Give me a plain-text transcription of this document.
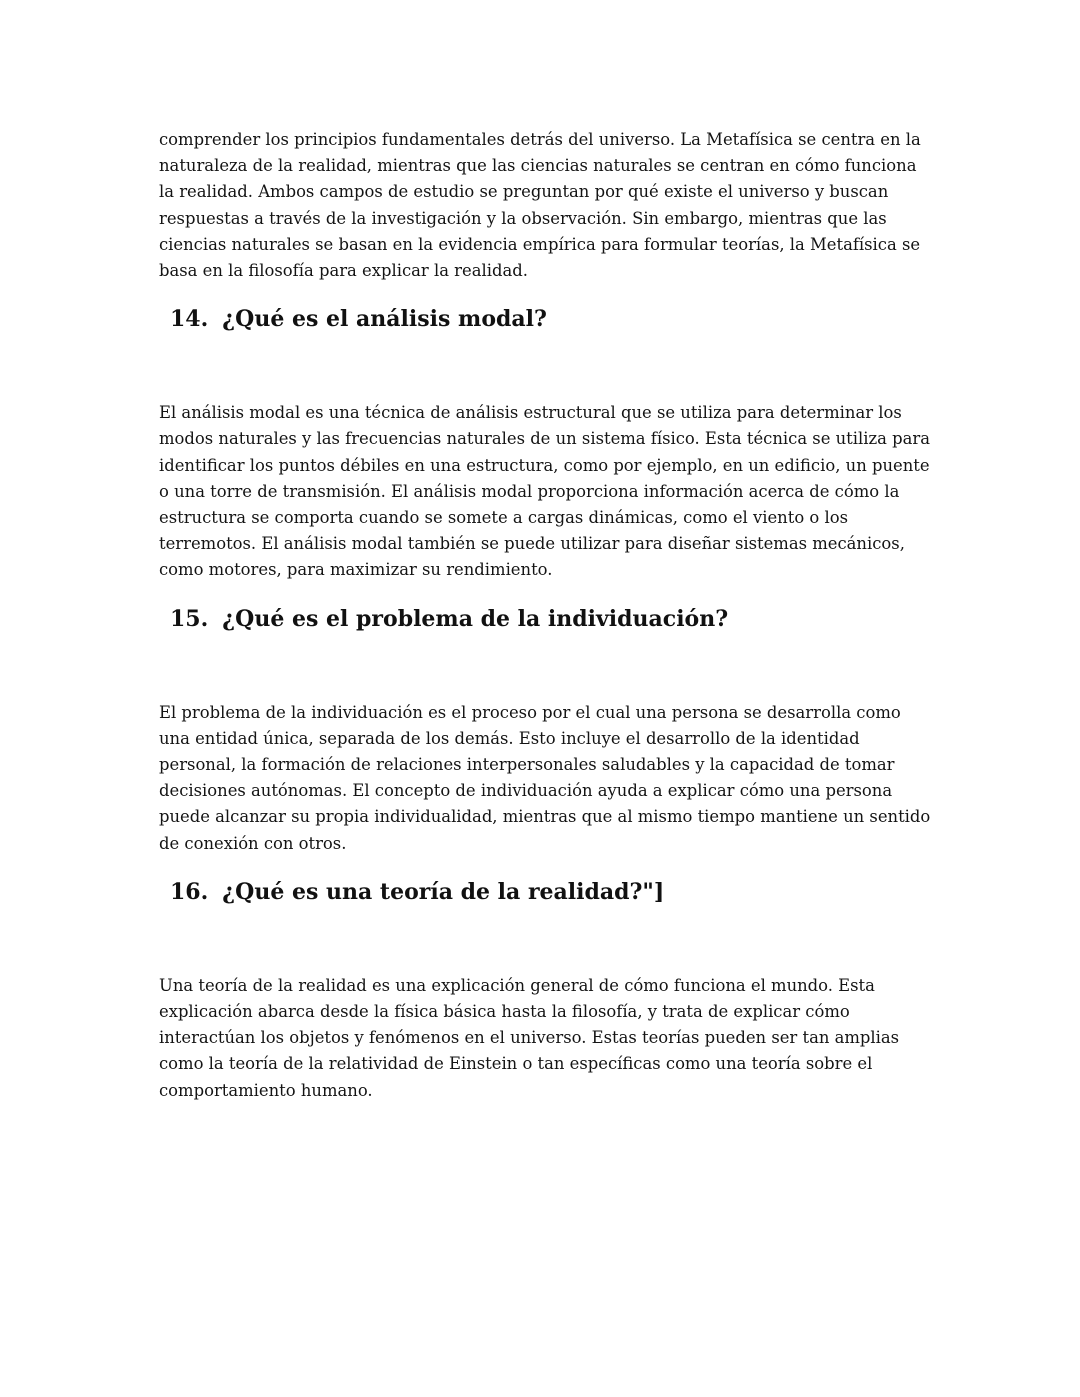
comprender los principios fundamentales detrás del universo. La Metafísica se centra en la naturaleza de la realidad, mientras que las ciencias naturales se centran en cómo funciona la realidad. Ambos campos de estudio se preguntan por qué existe el universo y buscan respuestas a través de la investigación y la observación. Sin embargo, mientras que las ciencias naturales se basan en la evidencia empírica para formular teorías, la Metafísica se basa en la filosofía para explicar la realidad.

14. ¿Qué es el análisis modal?

El análisis modal es una técnica de análisis estructural que se utiliza para determinar los modos naturales y las frecuencias naturales de un sistema físico. Esta técnica se utiliza para identificar los puntos débiles en una estructura, como por ejemplo, en un edificio, un puente o una torre de transmisión. El análisis modal proporciona información acerca de cómo la estructura se comporta cuando se somete a cargas dinámicas, como el viento o los terremotos. El análisis modal también se puede utilizar para diseñar sistemas mecánicos, como motores, para maximizar su rendimiento.

15. ¿Qué es el problema de la individuación?

El problema de la individuación es el proceso por el cual una persona se desarrolla como una entidad única, separada de los demás. Esto incluye el desarrollo de la identidad personal, la formación de relaciones interpersonales saludables y la capacidad de tomar decisiones autónomas. El concepto de individuación ayuda a explicar cómo una persona puede alcanzar su propia individualidad, mientras que al mismo tiempo mantiene un sentido de conexión con otros.

16. ¿Qué es una teoría de la realidad?"]

Una teoría de la realidad es una explicación general de cómo funciona el mundo. Esta explicación abarca desde la física básica hasta la filosofía, y trata de explicar cómo interactúan los objetos y fenómenos en el universo. Estas teorías pueden ser tan amplias como la teoría de la relatividad de Einstein o tan específicas como una teoría sobre el comportamiento humano.
